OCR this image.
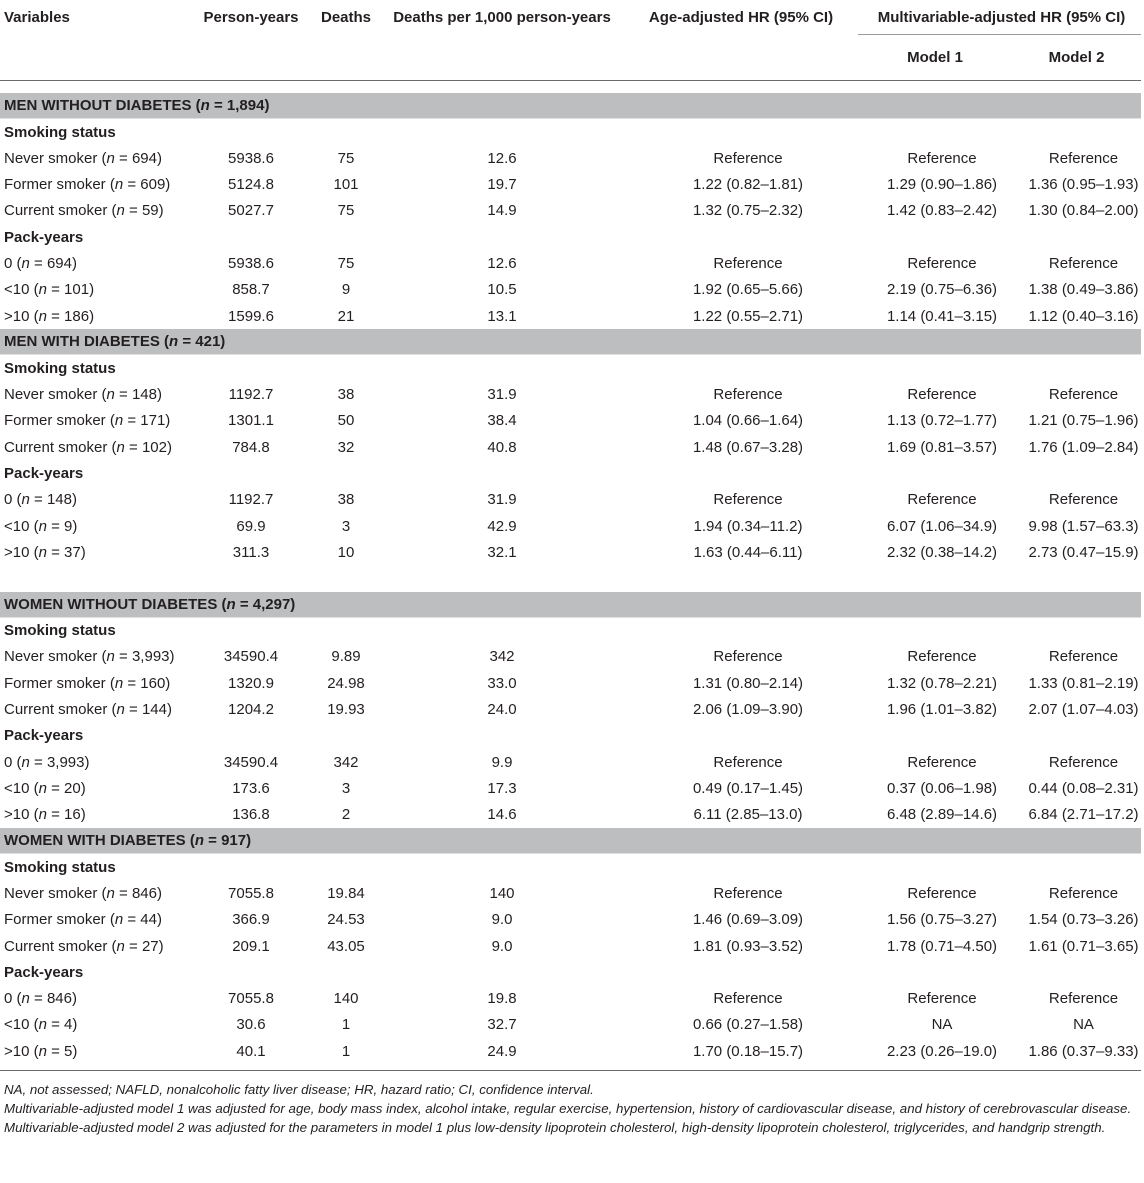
Variables	Person-years	Deaths	Deaths per 1,000 person-years	Age-adjusted HR (95% CI)	Multivariable-adjusted HR (95% CI)	
					Model 1	Model 2

MEN WITHOUT DIABETES (n = 1,894)						
Smoking status						
Never smoker (n = 694)	5938.6	75	12.6	Reference	Reference	Reference
Former smoker (n = 609)	5124.8	101	19.7	1.22 (0.82–1.81)	1.29 (0.90–1.86)	1.36 (0.95–1.93)
Current smoker (n = 59)	5027.7	75	14.9	1.32 (0.75–2.32)	1.42 (0.83–2.42)	1.30 (0.84–2.00)
Pack-years						
0 (n = 694)	5938.6	75	12.6	Reference	Reference	Reference
<10 (n = 101)	858.7	9	10.5	1.92 (0.65–5.66)	2.19 (0.75–6.36)	1.38 (0.49–3.86)
>10 (n = 186)	1599.6	21	13.1	1.22 (0.55–2.71)	1.14 (0.41–3.15)	1.12 (0.40–3.16)
MEN WITH DIABETES (n = 421)						
Smoking status						
Never smoker (n = 148)	1192.7	38	31.9	Reference	Reference	Reference
Former smoker (n = 171)	1301.1	50	38.4	1.04 (0.66–1.64)	1.13 (0.72–1.77)	1.21 (0.75–1.96)
Current smoker (n = 102)	784.8	32	40.8	1.48 (0.67–3.28)	1.69 (0.81–3.57)	1.76 (1.09–2.84)
Pack-years						
0 (n = 148)	1192.7	38	31.9	Reference	Reference	Reference
<10 (n = 9)	69.9	3	42.9	1.94 (0.34–11.2)	6.07 (1.06–34.9)	9.98 (1.57–63.3)
>10 (n = 37)	311.3	10	32.1	1.63 (0.44–6.11)	2.32 (0.38–14.2)	2.73 (0.47–15.9)

WOMEN WITHOUT DIABETES (n = 4,297)						
Smoking status						
Never smoker (n = 3,993)	34590.4	9.89	342	Reference	Reference	Reference
Former smoker (n = 160)	1320.9	24.98	33.0	1.31 (0.80–2.14)	1.32 (0.78–2.21)	1.33 (0.81–2.19)
Current smoker (n = 144)	1204.2	19.93	24.0	2.06 (1.09–3.90)	1.96 (1.01–3.82)	2.07 (1.07–4.03)
Pack-years						
0 (n = 3,993)	34590.4	342	9.9	Reference	Reference	Reference
<10 (n = 20)	173.6	3	17.3	0.49 (0.17–1.45)	0.37 (0.06–1.98)	0.44 (0.08–2.31)
>10 (n = 16)	136.8	2	14.6	6.11 (2.85–13.0)	6.48 (2.89–14.6)	6.84 (2.71–17.2)
WOMEN WITH DIABETES (n = 917)						
Smoking status						
Never smoker (n = 846)	7055.8	19.84	140	Reference	Reference	Reference
Former smoker (n = 44)	366.9	24.53	9.0	1.46 (0.69–3.09)	1.56 (0.75–3.27)	1.54 (0.73–3.26)
Current smoker (n = 27)	209.1	43.05	9.0	1.81 (0.93–3.52)	1.78 (0.71–4.50)	1.61 (0.71–3.65)
Pack-years						
0 (n = 846)	7055.8	140	19.8	Reference	Reference	Reference
<10 (n = 4)	30.6	1	32.7	0.66 (0.27–1.58)	NA	NA
>10 (n = 5)	40.1	1	24.9	1.70 (0.18–15.7)	2.23 (0.26–19.0)	1.86 (0.37–9.33)

NA, not assessed; NAFLD, nonalcoholic fatty liver disease; HR, hazard ratio; CI, confidence interval.

Multivariable-adjusted model 1 was adjusted for age, body mass index, alcohol intake, regular exercise, hypertension, history of cardiovascular disease, and history of cerebrovascular disease.

Multivariable-adjusted model 2 was adjusted for the parameters in model 1 plus low-density lipoprotein cholesterol, high-density lipoprotein cholesterol, triglycerides, and handgrip strength.
